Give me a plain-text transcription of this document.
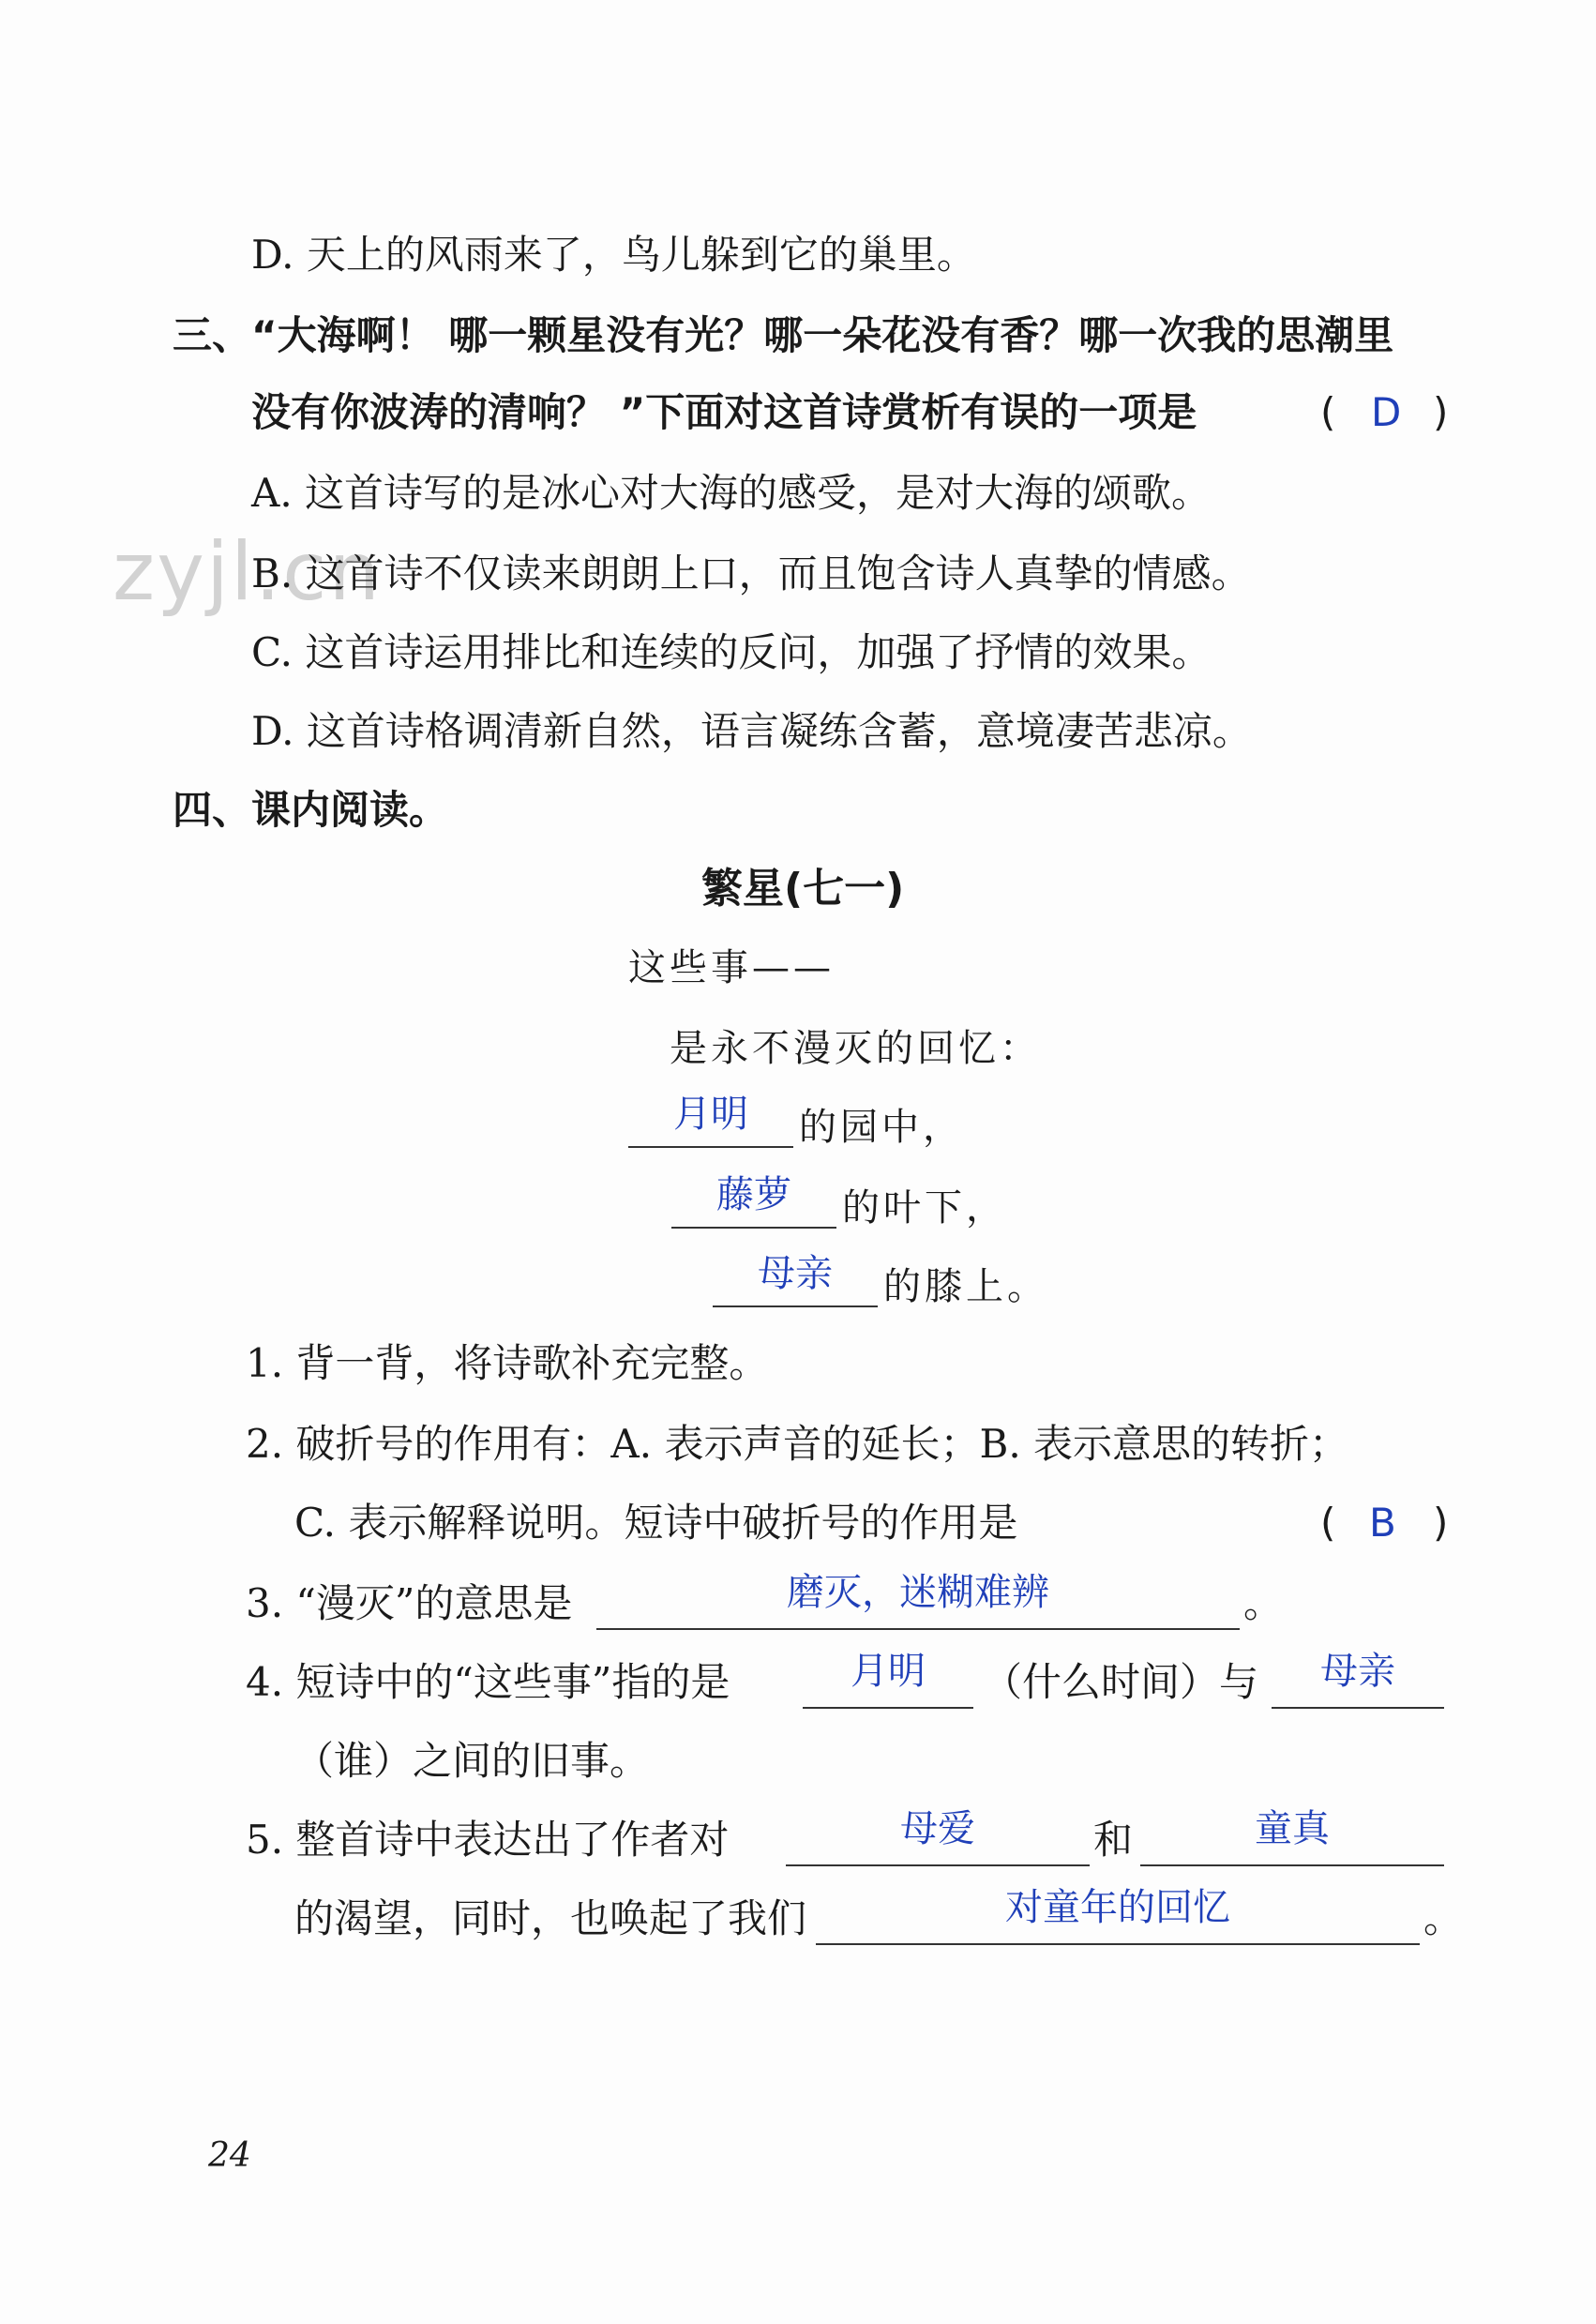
zyjl.cn
D. 天上的风雨来了，鸟儿躲到它的巢里。
三、“大海啊！ 哪一颗星没有光？哪一朵花没有香？哪一次我的思潮里
没有你波涛的清响？ ”下面对这首诗赏析有误的一项是	( D )
A. 这首诗写的是冰心对大海的感受，是对大海的颂歌。
B. 这首诗不仅读来朗朗上口，而且饱含诗人真挚的情感。
C. 这首诗运用排比和连续的反问，加强了抒情的效果。
D. 这首诗格调清新自然，语言凝练含蓄，意境凄苦悲凉。
四、课内阅读。
繁星(七一)
这些事——
是永不漫灭的回忆：
月明	的园中，
藤萝	的叶下，
母亲	的膝上。
1. 背一背，将诗歌补充完整。
2. 破折号的作用有：A. 表示声音的延长；B. 表示意思的转折；
C. 表示解释说明。短诗中破折号的作用是	( B )
3. “漫灭”的意思是	磨灭，迷糊难辨	。
4. 短诗中的“这些事”指的是	月明	（什么时间）与	母亲
（谁）之间的旧事。
5. 整首诗中表达出了作者对	母爱	和	童真
的渴望，同时，也唤起了我们	对童年的回忆	。
24
